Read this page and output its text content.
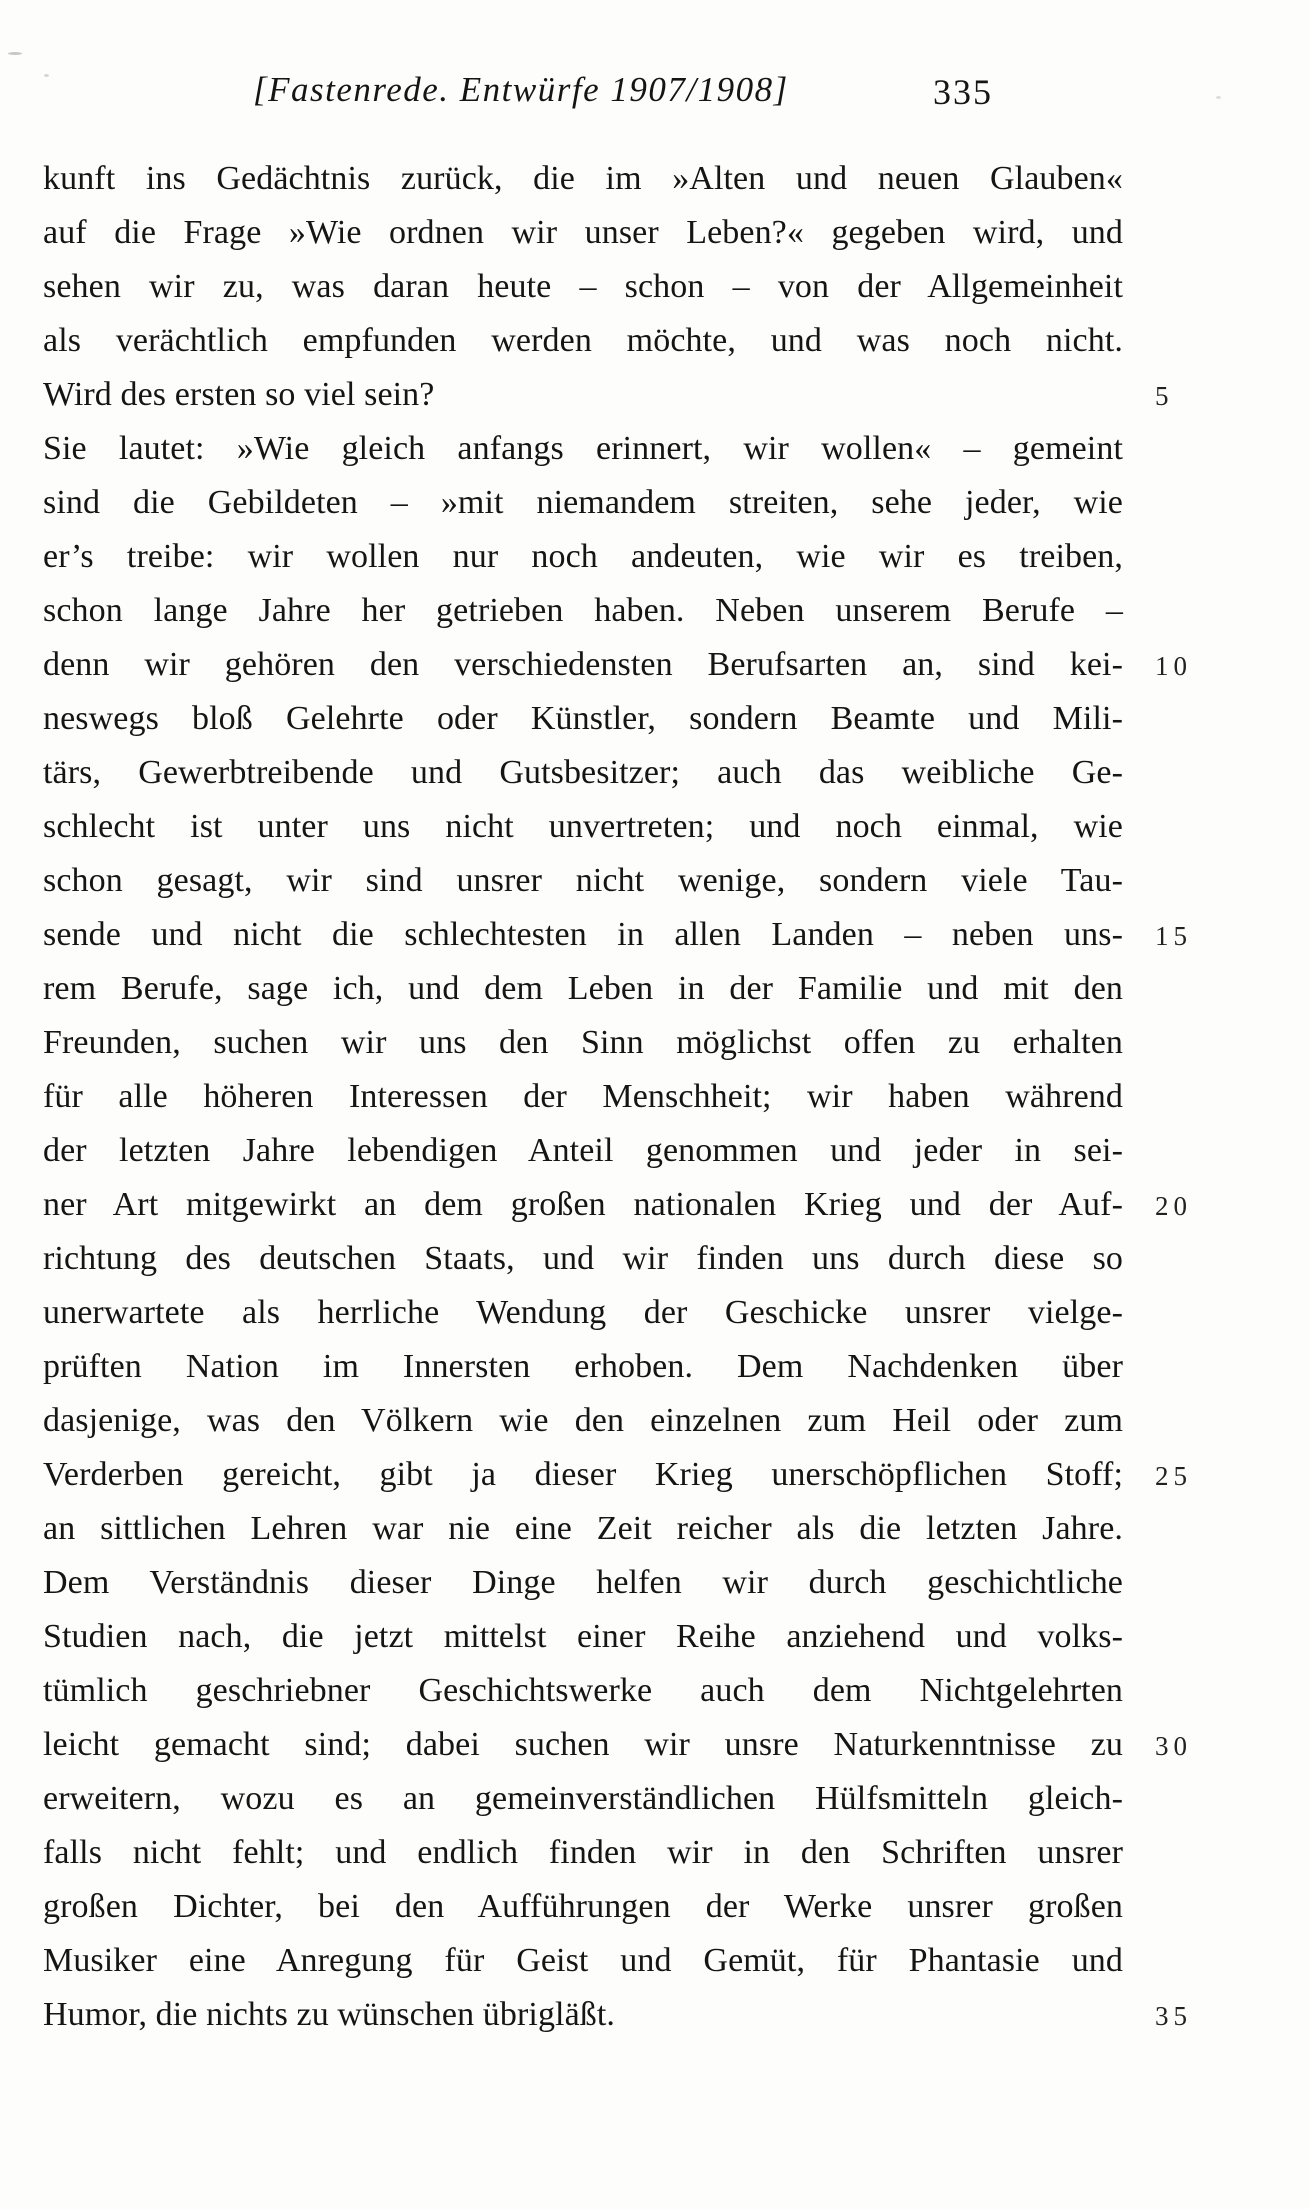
[Fastenrede. Entwürfe 1907/1908]	335
kunft ins Gedächtnis zurück, die im »Alten und neuen Glauben«
auf die Frage »Wie ordnen wir unser Leben?« gegeben wird, und
sehen wir zu, was daran heute – schon – von der Allgemeinheit
als verächtlich empfunden werden möchte, und was noch nicht.
Wird des ersten so viel sein?	5
Sie lautet: »Wie gleich anfangs erinnert, wir wollen« – gemeint
sind die Gebildeten – »mit niemandem streiten, sehe jeder, wie
er’s treibe: wir wollen nur noch andeuten, wie wir es treiben,
schon lange Jahre her getrieben haben. Neben unserem Berufe –
denn wir gehören den verschiedensten Berufsarten an, sind kei- 10
neswegs bloß Gelehrte oder Künstler, sondern Beamte und Mili-
tärs, Gewerbtreibende und Gutsbesitzer; auch das weibliche Ge-
schlecht ist unter uns nicht unvertreten; und noch einmal, wie
schon gesagt, wir sind unsrer nicht wenige, sondern viele Tau-
sende und nicht die schlechtesten in allen Landen – neben uns- 15
rem Berufe, sage ich, und dem Leben in der Familie und mit den
Freunden, suchen wir uns den Sinn möglichst offen zu erhalten
für alle höheren Interessen der Menschheit; wir haben während
der letzten Jahre lebendigen Anteil genommen und jeder in sei-
ner Art mitgewirkt an dem großen nationalen Krieg und der Auf- 20
richtung des deutschen Staats, und wir finden uns durch diese so
unerwartete als herrliche Wendung der Geschicke unsrer vielge-
prüften Nation im Innersten erhoben. Dem Nachdenken über
dasjenige, was den Völkern wie den einzelnen zum Heil oder zum
Verderben gereicht, gibt ja dieser Krieg unerschöpflichen Stoff; 25
an sittlichen Lehren war nie eine Zeit reicher als die letzten Jahre.
Dem Verständnis dieser Dinge helfen wir durch geschichtliche
Studien nach, die jetzt mittelst einer Reihe anziehend und volks-
tümlich geschriebner Geschichtswerke auch dem Nichtgelehrten
leicht gemacht sind; dabei suchen wir unsre Naturkenntnisse zu 30
erweitern, wozu es an gemeinverständlichen Hülfsmitteln gleich-
falls nicht fehlt; und endlich finden wir in den Schriften unsrer
großen Dichter, bei den Aufführungen der Werke unsrer großen
Musiker eine Anregung für Geist und Gemüt, für Phantasie und
Humor, die nichts zu wünschen übrigläßt.	35
